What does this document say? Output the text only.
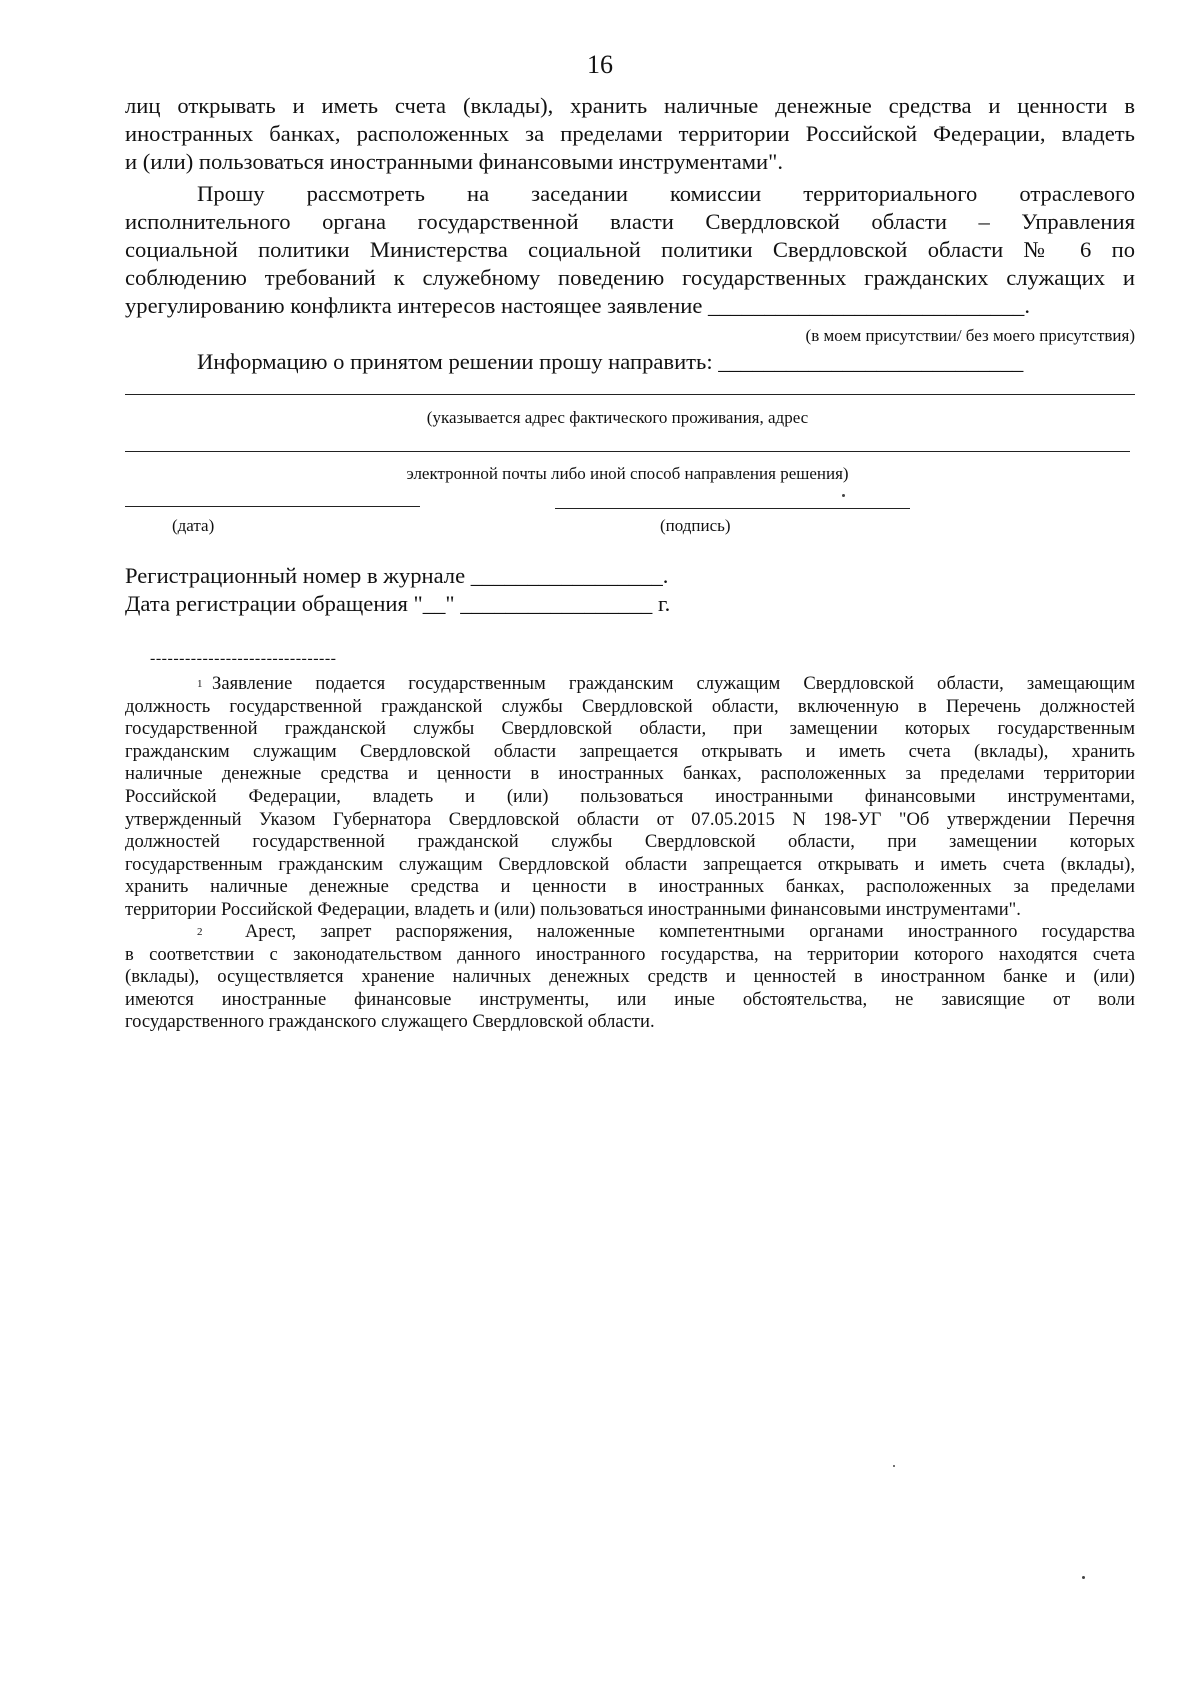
16
лиц открывать и иметь счета (вклады), хранить наличные денежные средства и ценности в
иностранных банках, расположенных за пределами территории Российской Федерации, владеть
и (или) пользоваться иностранными финансовыми инструментами".
Прошу рассмотреть на заседании комиссии территориального отраслевого
исполнительного органа государственной власти Свердловской области – Управления
социальной политики Министерства социальной политики Свердловской области № 6 по
соблюдению требований к служебному поведению государственных гражданских служащих и
урегулированию конфликта интересов настоящее заявление ____________________________.
(в моем присутствии/ без моего присутствия)
Информацию о принятом решении прошу направить: ___________________________
(указывается адрес фактического проживания, адрес
электронной почты либо иной способ направления решения)
(дата)	(подпись)
Регистрационный номер в журнале _________________.
Дата регистрации обращения "__" _________________ г.
--------------------------------
1 Заявление подается государственным гражданским служащим Свердловской области, замещающим
должность государственной гражданской службы Свердловской области, включенную в Перечень должностей
государственной гражданской службы Свердловской области, при замещении которых государственным
гражданским служащим Свердловской области запрещается открывать и иметь счета (вклады), хранить
наличные денежные средства и ценности в иностранных банках, расположенных за пределами территории
Российской Федерации, владеть и (или) пользоваться иностранными финансовыми инструментами,
утвержденный Указом Губернатора Свердловской области от 07.05.2015 N 198-УГ "Об утверждении Перечня
должностей государственной гражданской службы Свердловской области, при замещении которых
государственным гражданским служащим Свердловской области запрещается открывать и иметь счета (вклады),
хранить наличные денежные средства и ценности в иностранных банках, расположенных за пределами
территории Российской Федерации, владеть и (или) пользоваться иностранными финансовыми инструментами".
2 Арест, запрет распоряжения, наложенные компетентными органами иностранного государства
в соответствии с законодательством данного иностранного государства, на территории которого находятся счета
(вклады), осуществляется хранение наличных денежных средств и ценностей в иностранном банке и (или)
имеются иностранные финансовые инструменты, или иные обстоятельства, не зависящие от воли
государственного гражданского служащего Свердловской области.
